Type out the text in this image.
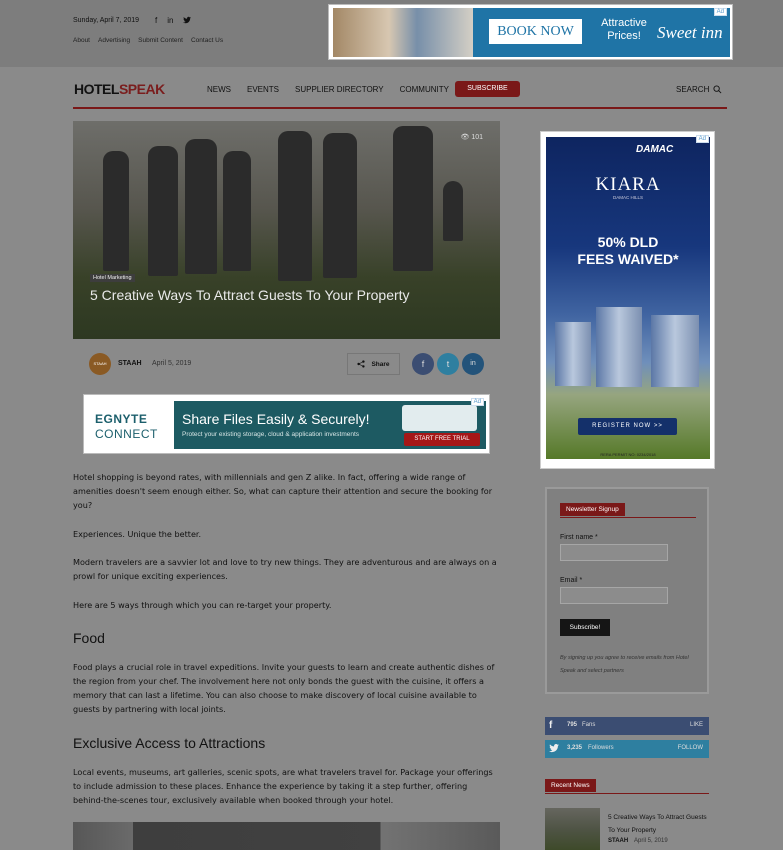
Sunday, April 7, 2019 f in
About Advertising Submit Content Contact Us
BOOK NOW
Attractive
Prices! Sweet inn
Ad
HOTELSPEAK	NEWS EVENTS SUPPLIER DIRECTORY COMMUNITY	SUBSCRIBE	SEARCH
👁 101
Hotel Marketing
5 Creative Ways To Attract Guests To Your Property
STAAH	STAAH April 5, 2019	Share	f	t	in
EGNYTE
CONNECT
Share Files Easily & Securely!
Protect your existing storage, cloud & application investments
START FREE TRIAL
Ad

Hotel shopping is beyond rates, with millennials and gen Z alike. In fact, offering a wide range of amenities doesn't seem enough either. So, what can capture their attention and secure the booking for you?

Experiences. Unique the better.

Modern travelers are a savvier lot and love to try new things. They are adventurous and are always on a prowl for unique exciting experiences.

Here are 5 ways through which you can re-target your property.

Food

Food plays a crucial role in travel expeditions. Invite your guests to learn and create authentic dishes of the region from your chef. The involvement here not only bonds the guest with the cuisine, it offers a memory that can last a lifetime. You can also choose to make discovery of local cuisine available to guests by partnering with local joints.

Exclusive Access to Attractions

Local events, museums, art galleries, scenic spots, are what travelers travel for. Package your offerings to include admission to these places. Enhance the experience by taking it a step further, offering behind-the-scenes tour, exclusively available when booked through your hotel.

DAMAC
KIARA
DAMAC HILLS
50% DLD
FEES WAIVED*
REGISTER NOW >>
RERA PERMIT NO: 0234/2018
Ad
Newsletter Signup
First name *
Email *
Subscribe!
By signing up you agree to receive emails from Hotel Speak and select partners
f 795 Fans	LIKE
3,235 Followers	FOLLOW
Recent News
5 Creative Ways To Attract Guests To Your Property
STAAH April 5, 2019
